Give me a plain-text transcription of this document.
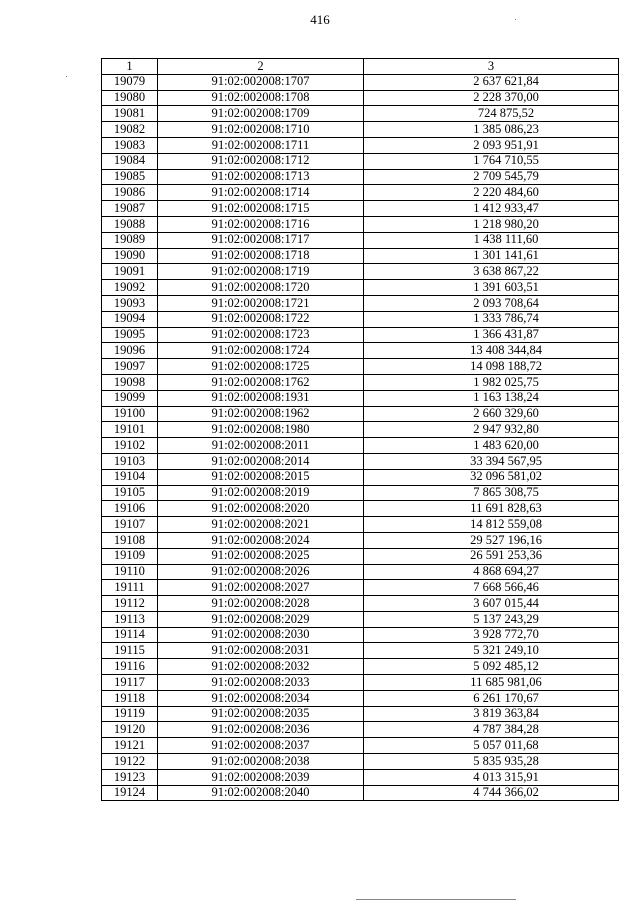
416
1	2	3
19079	91:02:002008:1707	2 637 621,84
19080	91:02:002008:1708	2 228 370,00
19081	91:02:002008:1709	724 875,52
19082	91:02:002008:1710	1 385 086,23
19083	91:02:002008:1711	2 093 951,91
19084	91:02:002008:1712	1 764 710,55
19085	91:02:002008:1713	2 709 545,79
19086	91:02:002008:1714	2 220 484,60
19087	91:02:002008:1715	1 412 933,47
19088	91:02:002008:1716	1 218 980,20
19089	91:02:002008:1717	1 438 111,60
19090	91:02:002008:1718	1 301 141,61
19091	91:02:002008:1719	3 638 867,22
19092	91:02:002008:1720	1 391 603,51
19093	91:02:002008:1721	2 093 708,64
19094	91:02:002008:1722	1 333 786,74
19095	91:02:002008:1723	1 366 431,87
19096	91:02:002008:1724	13 408 344,84
19097	91:02:002008:1725	14 098 188,72
19098	91:02:002008:1762	1 982 025,75
19099	91:02:002008:1931	1 163 138,24
19100	91:02:002008:1962	2 660 329,60
19101	91:02:002008:1980	2 947 932,80
19102	91:02:002008:2011	1 483 620,00
19103	91:02:002008:2014	33 394 567,95
19104	91:02:002008:2015	32 096 581,02
19105	91:02:002008:2019	7 865 308,75
19106	91:02:002008:2020	11 691 828,63
19107	91:02:002008:2021	14 812 559,08
19108	91:02:002008:2024	29 527 196,16
19109	91:02:002008:2025	26 591 253,36
19110	91:02:002008:2026	4 868 694,27
19111	91:02:002008:2027	7 668 566,46
19112	91:02:002008:2028	3 607 015,44
19113	91:02:002008:2029	5 137 243,29
19114	91:02:002008:2030	3 928 772,70
19115	91:02:002008:2031	5 321 249,10
19116	91:02:002008:2032	5 092 485,12
19117	91:02:002008:2033	11 685 981,06
19118	91:02:002008:2034	6 261 170,67
19119	91:02:002008:2035	3 819 363,84
19120	91:02:002008:2036	4 787 384,28
19121	91:02:002008:2037	5 057 011,68
19122	91:02:002008:2038	5 835 935,28
19123	91:02:002008:2039	4 013 315,91
19124	91:02:002008:2040	4 744 366,02
